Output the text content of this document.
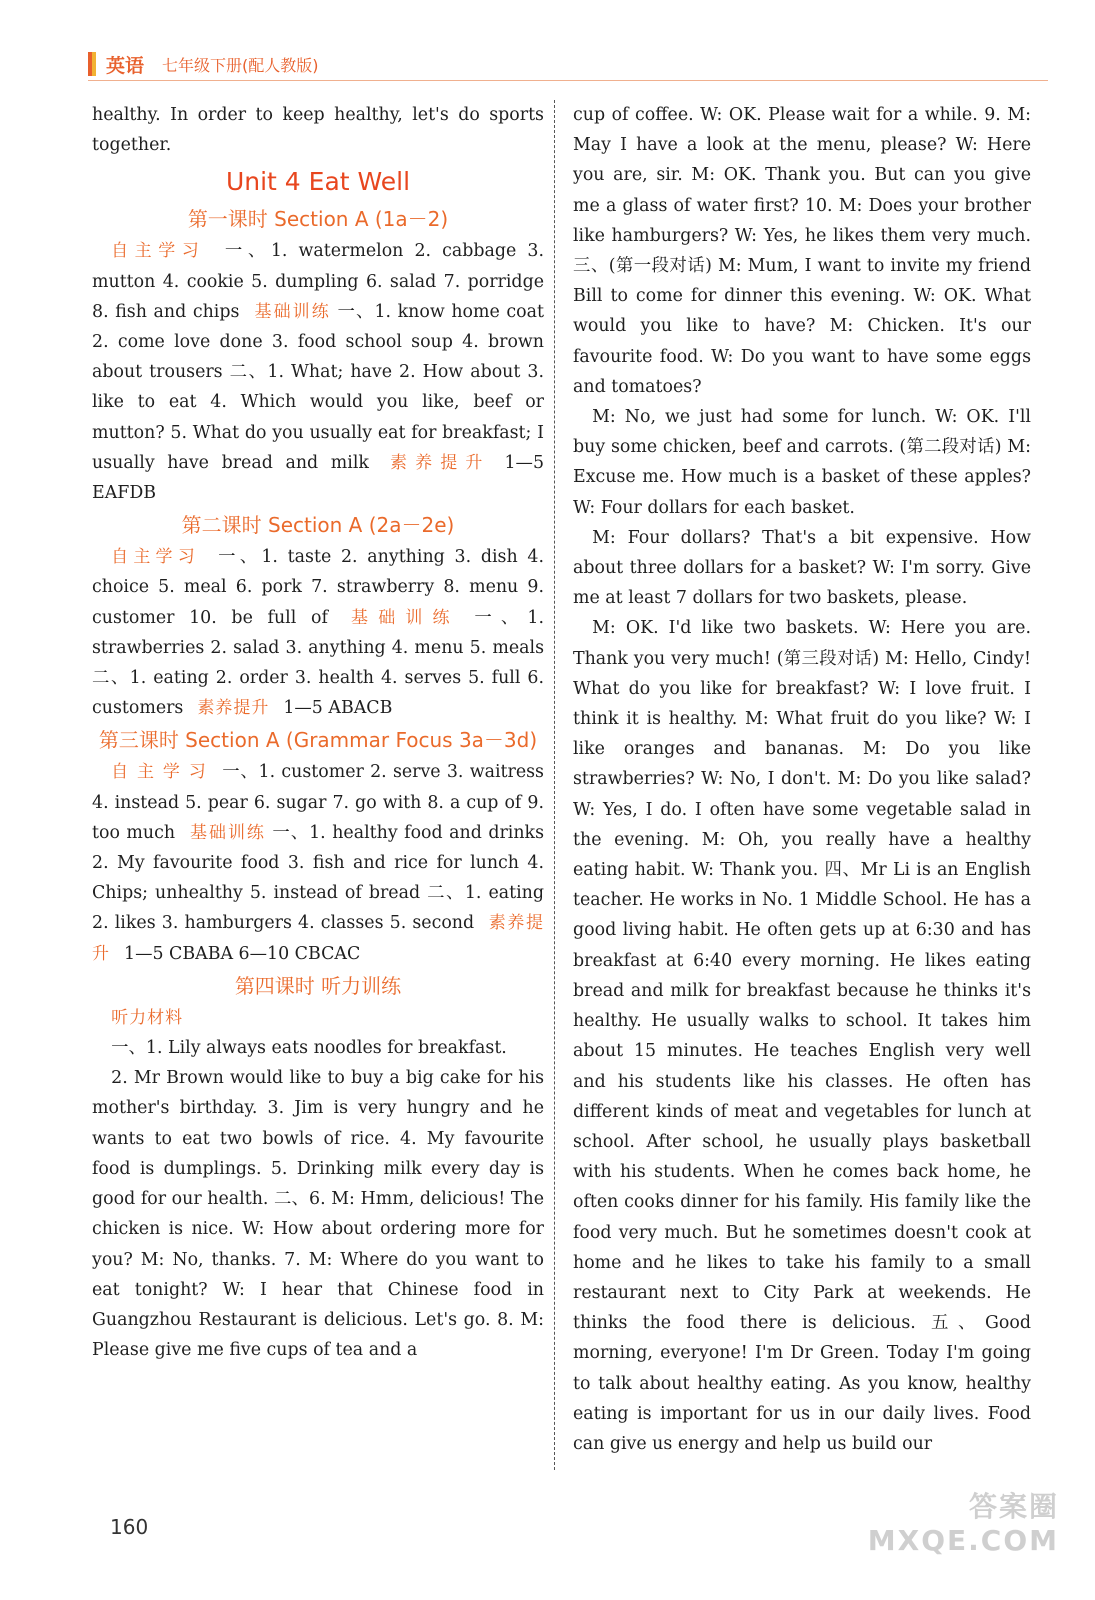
英语 七年级下册(配人教版)

healthy. In order to keep healthy, let's do sports together.

Unit 4 Eat Well
第一课时 Section A (1a－2)

自主学习 一、1. watermelon 2. cabbage 3. mutton 4. cookie 5. dumpling 6. salad 7. porridge 8. fish and chips 基础训练 一、1. know home coat 2. come love done 3. food school soup 4. brown about trousers 二、1. What; have 2. How about 3. like to eat 4. Which would you like, beef or mutton? 5. What do you usually eat for breakfast; I usually have bread and milk 素养提升 1—5 EAFDB

第二课时 Section A (2a－2e)

自主学习 一、1. taste 2. anything 3. dish 4. choice 5. meal 6. pork 7. strawberry 8. menu 9. customer 10. be full of 基础训练 一、1. strawberries 2. salad 3. anything 4. menu 5. meals 二、1. eating 2. order 3. health 4. serves 5. full 6. customers 素养提升 1—5 ABACB

第三课时 Section A (Grammar Focus 3a－3d)

自 主 学 习 一、1. customer 2. serve 3. waitress 4. instead 5. pear 6. sugar 7. go with 8. a cup of 9. too much 基础训练 一、1. healthy food and drinks 2. My favourite food 3. fish and rice for lunch 4. Chips; unhealthy 5. instead of bread 二、1. eating 2. likes 3. hamburgers 4. classes 5. second 素养提升 1—5 CBABA 6—10 CBCAC

第四课时 听力训练

听力材料

一、1. Lily always eats noodles for breakfast.

2. Mr Brown would like to buy a big cake for his mother's birthday. 3. Jim is very hungry and he wants to eat two bowls of rice. 4. My favourite food is dumplings. 5. Drinking milk every day is good for our health. 二、6. M: Hmm, delicious! The chicken is nice. W: How about ordering more for you? M: No, thanks. 7. M: Where do you want to eat tonight? W: I hear that Chinese food in Guangzhou Restaurant is delicious. Let's go. 8. M: Please give me five cups of tea and a

cup of coffee. W: OK. Please wait for a while. 9. M: May I have a look at the menu, please? W: Here you are, sir. M: OK. Thank you. But can you give me a glass of water first? 10. M: Does your brother like hamburgers? W: Yes, he likes them very much. 三、(第一段对话) M: Mum, I want to invite my friend Bill to come for dinner this evening. W: OK. What would you like to have? M: Chicken. It's our favourite food. W: Do you want to have some eggs and tomatoes?

M: No, we just had some for lunch. W: OK. I'll buy some chicken, beef and carrots. (第二段对话) M: Excuse me. How much is a basket of these apples? W: Four dollars for each basket.

M: Four dollars? That's a bit expensive. How about three dollars for a basket? W: I'm sorry. Give me at least 7 dollars for two baskets, please.

M: OK. I'd like two baskets. W: Here you are. Thank you very much! (第三段对话) M: Hello, Cindy! What do you like for breakfast? W: I love fruit. I think it is healthy. M: What fruit do you like? W: I like oranges and bananas. M: Do you like strawberries? W: No, I don't. M: Do you like salad? W: Yes, I do. I often have some vegetable salad in the evening. M: Oh, you really have a healthy eating habit. W: Thank you. 四、Mr Li is an English teacher. He works in No. 1 Middle School. He has a good living habit. He often gets up at 6:30 and has breakfast at 6:40 every morning. He likes eating bread and milk for breakfast because he thinks it's healthy. He usually walks to school. It takes him about 15 minutes. He teaches English very well and his students like his classes. He often has different kinds of meat and vegetables for lunch at school. After school, he usually plays basketball with his students. When he comes back home, he often cooks dinner for his family. His family like the food very much. But he sometimes doesn't cook at home and he likes to take his family to a small restaurant next to City Park at weekends. He thinks the food there is delicious. 五、Good morning, everyone! I'm Dr Green. Today I'm going to talk about healthy eating. As you know, healthy eating is important for us in our daily lives. Food can give us energy and help us build our

160
答案圈
MXQE.COM
